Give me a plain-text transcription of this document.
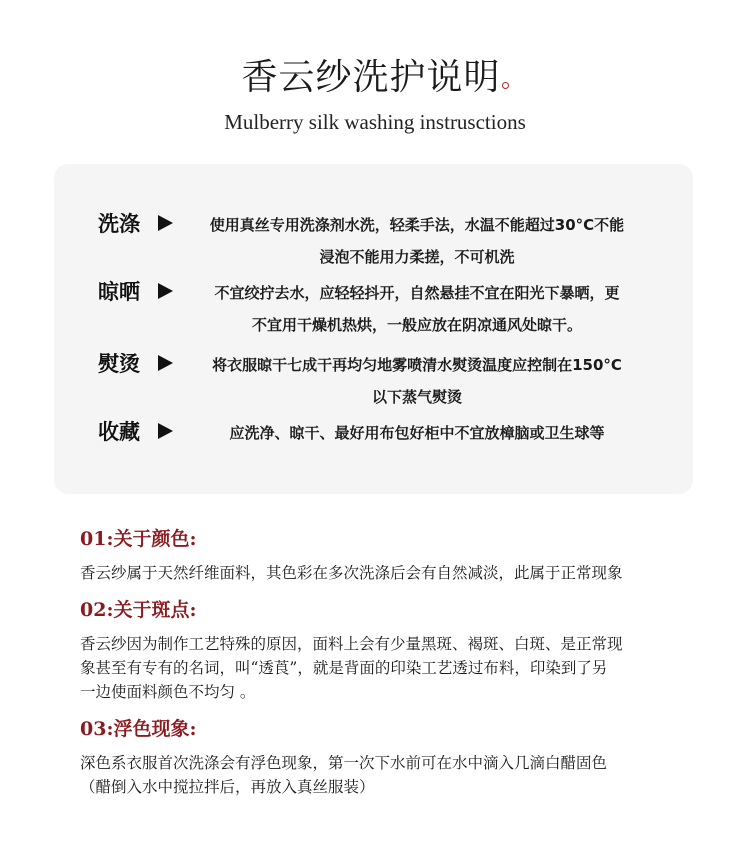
香云纱洗护说明
Mulberry silk washing instrusctions
洗涤	使用真丝专用洗涤剂水洗，轻柔手法，水温不能超过30°C不能
浸泡不能用力柔搓，不可机洗
晾晒	不宜绞拧去水，应轻轻抖开，自然悬挂不宜在阳光下暴晒，更
不宜用干燥机热烘，一般应放在阴凉通风处晾干。
熨烫	将衣服晾干七成干再均匀地雾喷清水熨烫温度应控制在150°C
以下蒸气熨烫
收藏	应洗净、晾干、最好用布包好柜中不宜放樟脑或卫生球等
01:关于颜色:
香云纱属于天然纤维面料，其色彩在多次洗涤后会有自然减淡，此属于正常现象
02:关于斑点:
香云纱因为制作工艺特殊的原因，面料上会有少量黑斑、褐斑、白斑、是正常现
象甚至有专有的名词，叫“透莨”，就是背面的印染工艺透过布料，印染到了另
一边使面料颜色不均匀 。
03:浮色现象:
深色系衣服首次洗涤会有浮色现象，第一次下水前可在水中滴入几滴白醋固色
（醋倒入水中搅拉拌后，再放入真丝服装）
